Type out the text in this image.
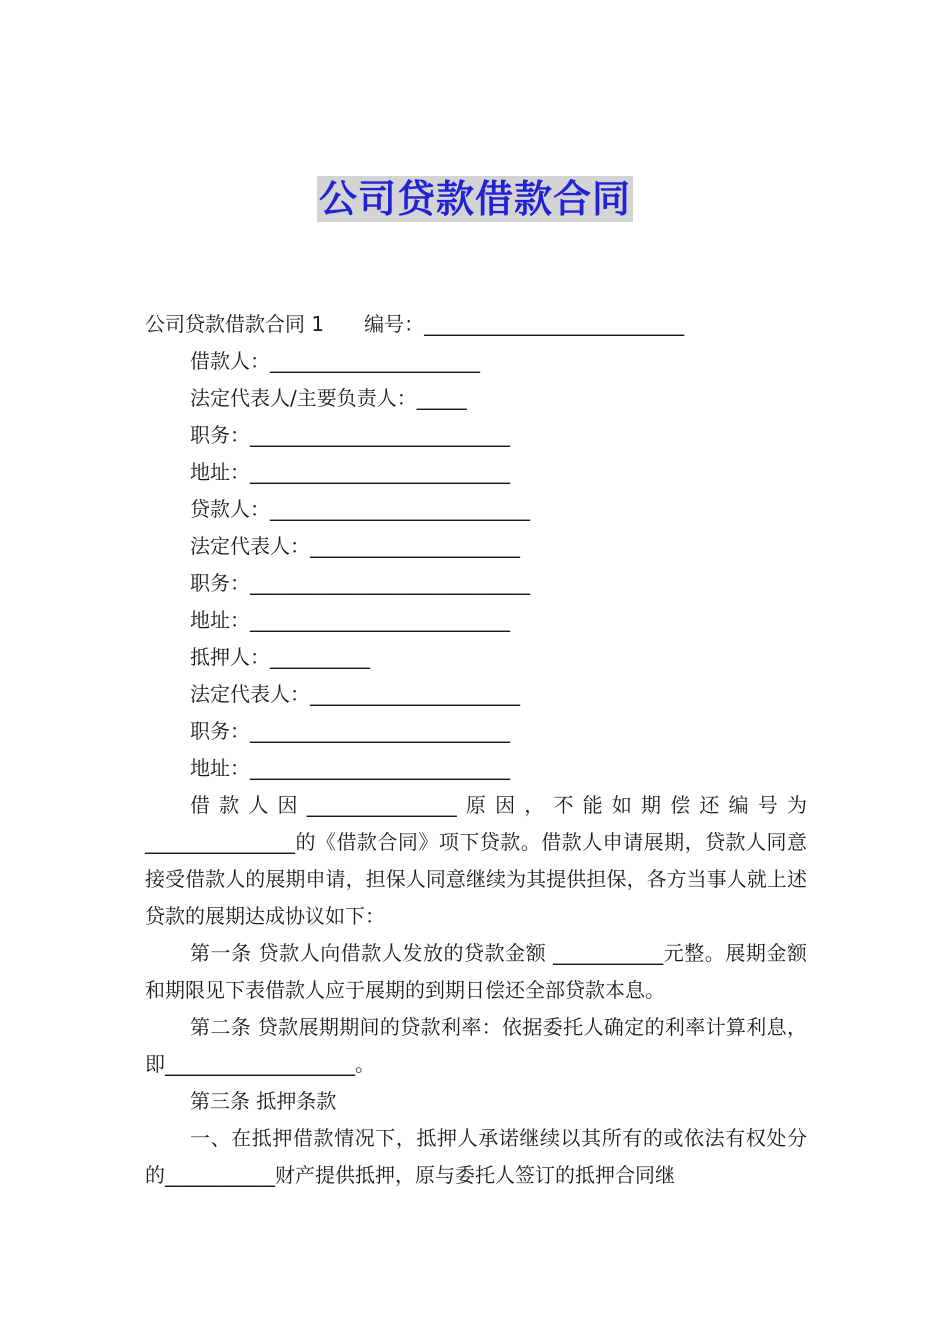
公司贷款借款合同
公司贷款借款合同 1 编号：__________________________
借款人：_____________________
法定代表人/主要负责人：_____
职务：__________________________
地址：__________________________
贷款人：__________________________
法定代表人：_____________________
职务：____________________________
地址：__________________________
抵押人：__________
法定代表人：_____________________
职务：__________________________
地址：__________________________
借款人因_______________原因，不能如期偿还编号为_______________的《借款合同》项下贷款。借款人申请展期，贷款人同意接受借款人的展期申请，担保人同意继续为其提供担保，各方当事人就上述贷款的展期达成协议如下：
第一条 贷款人向借款人发放的贷款金额 ___________元整。展期金额和期限见下表借款人应于展期的到期日偿还全部贷款本息。
第二条 贷款展期期间的贷款利率：依据委托人确定的利率计算利息，即___________________。
第三条 抵押条款
一、在抵押借款情况下，抵押人承诺继续以其所有的或依法有权处分的___________财产提供抵押，原与委托人签订的抵押合同继
